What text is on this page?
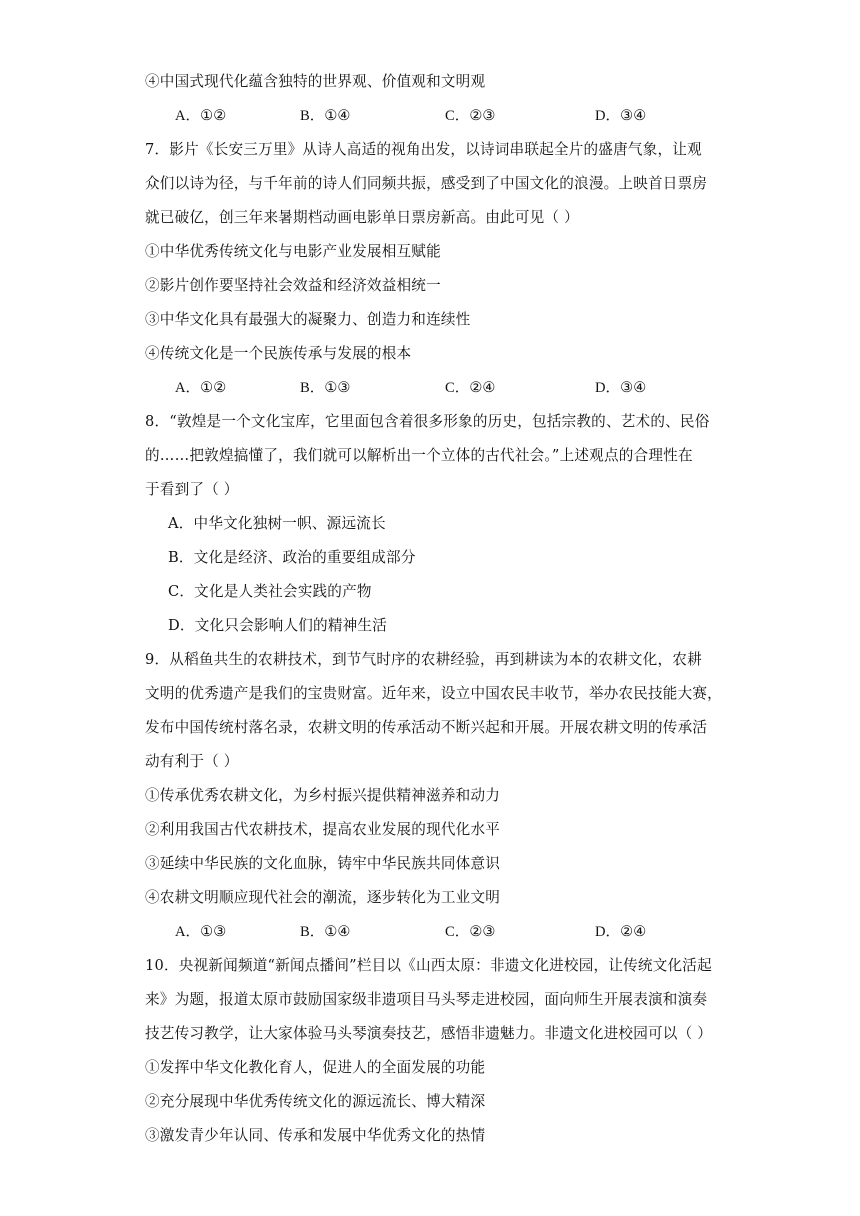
④中国式现代化蕴含独特的世界观、价值观和文明观
A．①②	B．①④	C．②③	D．③④
7．影片《长安三万里》从诗人高适的视角出发，以诗词串联起全片的盛唐气象，让观
众们以诗为径，与千年前的诗人们同频共振，感受到了中国文化的浪漫。上映首日票房
就已破亿，创三年来暑期档动画电影单日票房新高。由此可见（ ）
①中华优秀传统文化与电影产业发展相互赋能
②影片创作要坚持社会效益和经济效益相统一
③中华文化具有最强大的凝聚力、创造力和连续性
④传统文化是一个民族传承与发展的根本
A．①②	B．①③	C．②④	D．③④
8．“敦煌是一个文化宝库，它里面包含着很多形象的历史，包括宗教的、艺术的、民俗
的……把敦煌搞懂了，我们就可以解析出一个立体的古代社会。”上述观点的合理性在
于看到了（ ）
A．中华文化独树一帜、源远流长
B．文化是经济、政治的重要组成部分
C．文化是人类社会实践的产物
D．文化只会影响人们的精神生活
9．从稻鱼共生的农耕技术，到节气时序的农耕经验，再到耕读为本的农耕文化，农耕
文明的优秀遗产是我们的宝贵财富。近年来，设立中国农民丰收节，举办农民技能大赛，
发布中国传统村落名录，农耕文明的传承活动不断兴起和开展。开展农耕文明的传承活
动有利于（ ）
①传承优秀农耕文化，为乡村振兴提供精神滋养和动力
②利用我国古代农耕技术，提高农业发展的现代化水平
③延续中华民族的文化血脉，铸牢中华民族共同体意识
④农耕文明顺应现代社会的潮流，逐步转化为工业文明
A．①③	B．①④	C．②③	D．②④
10．央视新闻频道“新闻点播间”栏目以《山西太原：非遗文化进校园，让传统文化活起
来》为题，报道太原市鼓励国家级非遗项目马头琴走进校园，面向师生开展表演和演奏
技艺传习教学，让大家体验马头琴演奏技艺，感悟非遗魅力。非遗文化进校园可以（ ）
①发挥中华文化教化育人，促进人的全面发展的功能
②充分展现中华优秀传统文化的源远流长、博大精深
③激发青少年认同、传承和发展中华优秀文化的热情
